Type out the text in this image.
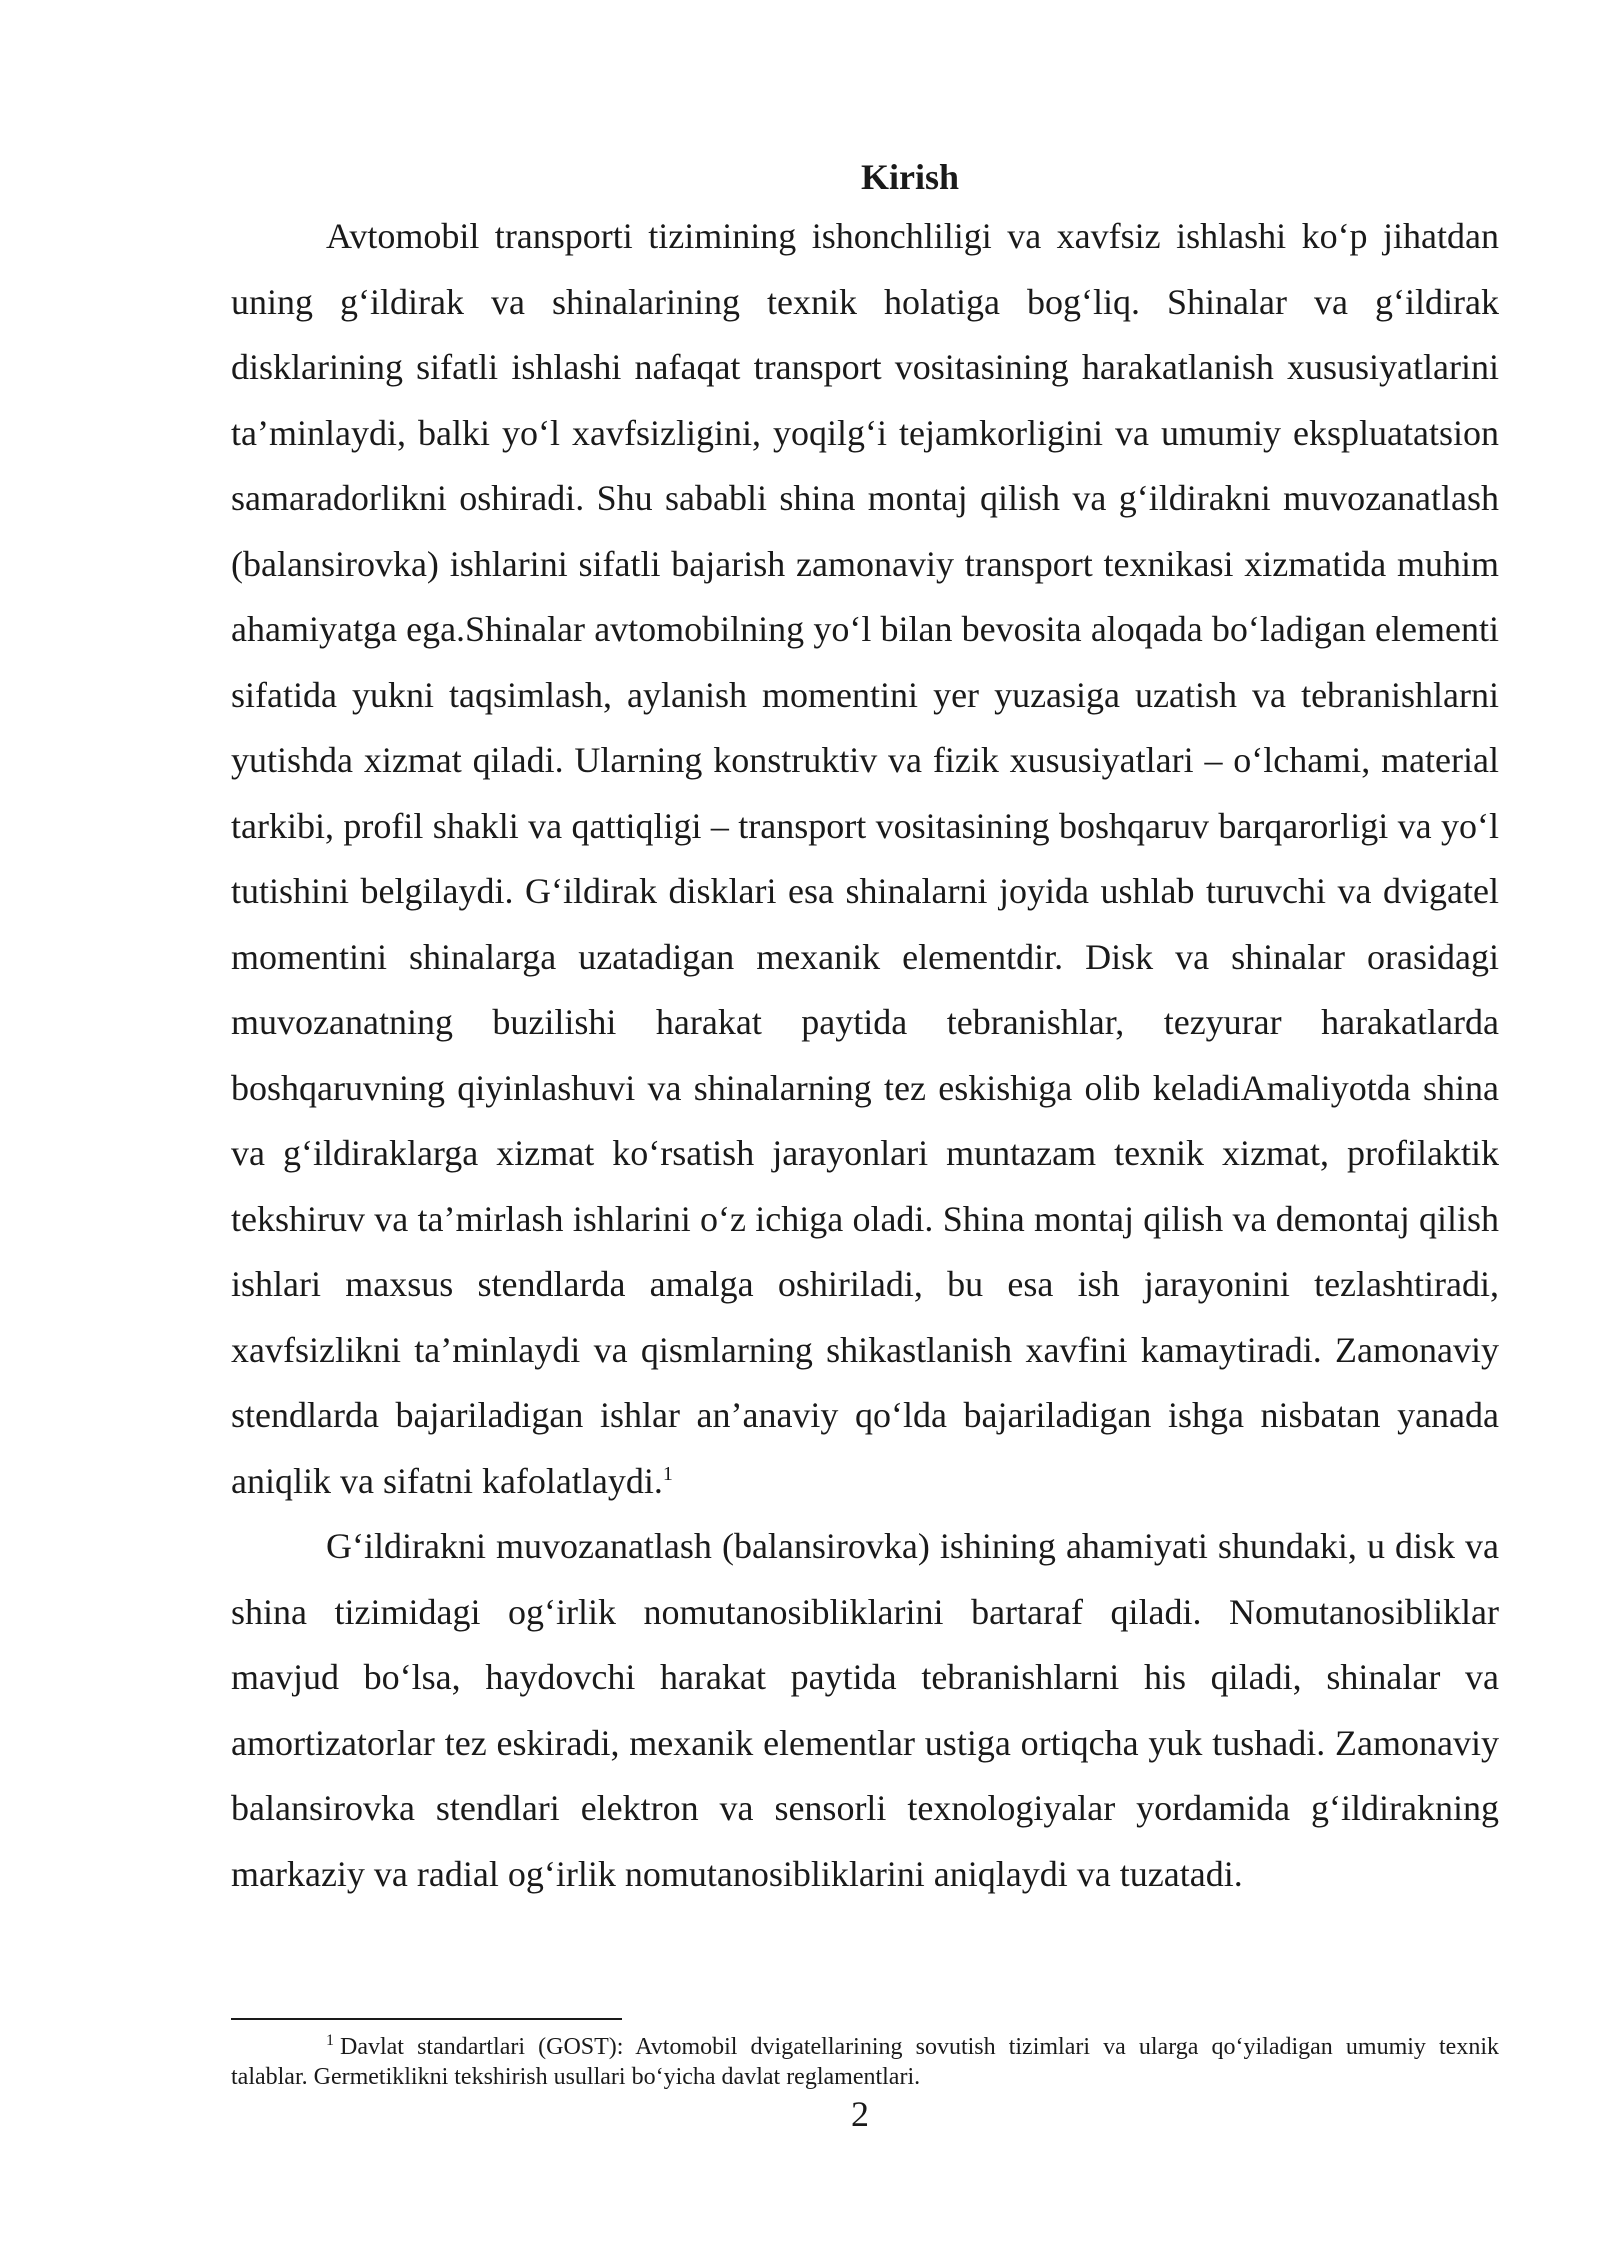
Kirish

Avtomobil transporti tizimining ishonchliligi va xavfsiz ishlashi ko‘p jihatdan uning g‘ildirak va shinalarining texnik holatiga bog‘liq. Shinalar va g‘ildirak disklarining sifatli ishlashi nafaqat transport vositasining harakatlanish xususiyatlarini ta’minlaydi, balki yo‘l xavfsizligini, yoqilg‘i tejamkorligini va umumiy ekspluatatsion samaradorlikni oshiradi. Shu sababli shina montaj qilish va g‘ildirakni muvozanatlash (balansirovka) ishlarini sifatli bajarish zamonaviy transport texnikasi xizmatida muhim ahamiyatga ega.Shinalar avtomobilning yo‘l bilan bevosita aloqada bo‘ladigan elementi sifatida yukni taqsimlash, aylanish momentini yer yuzasiga uzatish va tebranishlarni yutishda xizmat qiladi. Ularning konstruktiv va fizik xususiyatlari – o‘lchami, material tarkibi, profil shakli va qattiqligi – transport vositasining boshqaruv barqarorligi va yo‘l tutishini belgilaydi. G‘ildirak disklari esa shinalarni joyida ushlab turuvchi va dvigatel momentini shinalarga uzatadigan mexanik elementdir. Disk va shinalar orasidagi muvozanatning buzilishi harakat paytida tebranishlar, tezyurar harakatlarda boshqaruvning qiyinlashuvi va shinalarning tez eskishiga olib keladiAmaliyotda shina va g‘ildiraklarga xizmat ko‘rsatish jarayonlari muntazam texnik xizmat, profilaktik tekshiruv va ta’mirlash ishlarini o‘z ichiga oladi. Shina montaj qilish va demontaj qilish ishlari maxsus stendlarda amalga oshiriladi, bu esa ish jarayonini tezlashtiradi, xavfsizlikni ta’minlaydi va qismlarning shikastlanish xavfini kamaytiradi. Zamonaviy stendlarda bajariladigan ishlar an’anaviy qo‘lda bajariladigan ishga nisbatan yanada aniqlik va sifatni kafolatlaydi.$^1$

G‘ildirakni muvozanatlash (balansirovka) ishining ahamiyati shundaki, u disk va shina tizimidagi og‘irlik nomutanosibliklarini bartaraf qiladi. Nomutanosibliklar mavjud bo‘lsa, haydovchi harakat paytida tebranishlarni his qiladi, shinalar va amortizatorlar tez eskiradi, mexanik elementlar ustiga ortiqcha yuk tushadi. Zamonaviy balansirovka stendlari elektron va sensorli texnologiyalar yordamida g‘ildirakning markaziy va radial og‘irlik nomutanosibliklarini aniqlaydi va tuzatadi.

$^1$ Davlat standartlari (GOST): Avtomobil dvigatellarining sovutish tizimlari va ularga qo‘yiladigan umumiy texnik talablar. Germetiklikni tekshirish usullari bo‘yicha davlat reglamentlari.

2
